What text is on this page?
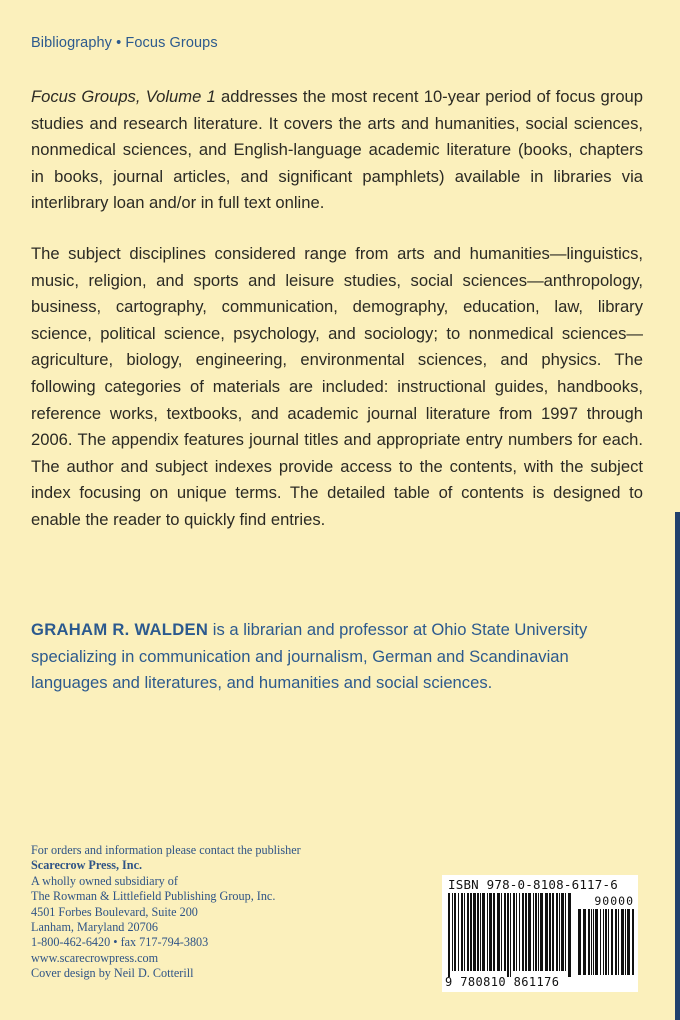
Bibliography • Focus Groups

Focus Groups, Volume 1 addresses the most recent 10-year period of focus group studies and research literature. It covers the arts and humanities, social sciences, nonmedical sciences, and English-language academic literature (books, chapters in books, journal articles, and significant pamphlets) available in libraries via interlibrary loan and/or in full text online.

The subject disciplines considered range from arts and humanities—linguistics, music, religion, and sports and leisure studies, social sciences—anthropology, business, cartography, communication, demography, education, law, library science, political science, psychology, and sociology; to nonmedical sciences—agriculture, biology, engineering, environmental sciences, and physics. The following categories of materials are included: instructional guides, handbooks, reference works, textbooks, and academic journal literature from 1997 through 2006. The appendix features journal titles and appropriate entry numbers for each. The author and subject indexes provide access to the contents, with the subject index focusing on unique terms. The detailed table of contents is designed to enable the reader to quickly find entries.

GRAHAM R. WALDEN is a librarian and professor at Ohio State University specializing in communication and journalism, German and Scandinavian languages and literatures, and humanities and social sciences.

For orders and information please contact the publisher
Scarecrow Press, Inc.
A wholly owned subsidiary of
The Rowman & Littlefield Publishing Group, Inc.
4501 Forbes Boulevard, Suite 200
Lanham, Maryland 20706
1-800-462-6420 • fax 717-794-3803
www.scarecrowpress.com
Cover design by Neil D. Cotterill
ISBN 978-0-8108-6117-6
90000
9 780810 861176
